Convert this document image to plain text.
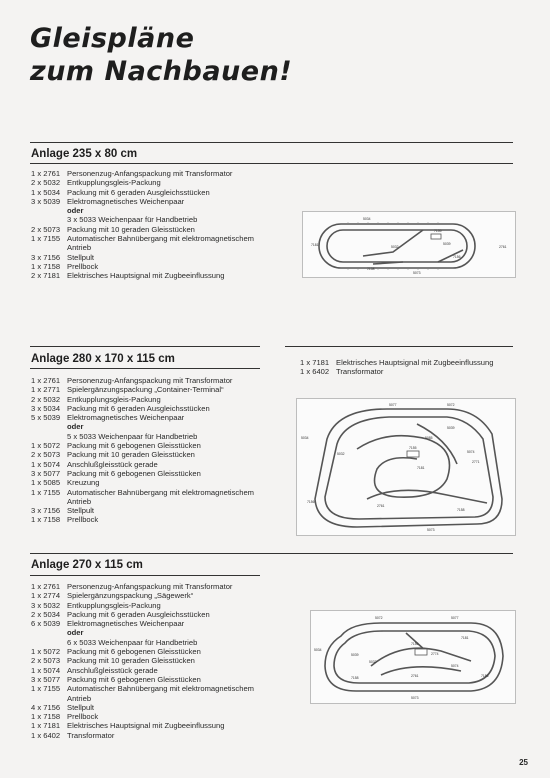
Gleispläne
zum Nachbauen!
Anlage 235 x 80 cm
1 x 2761 Personenzug-Anfangspackung mit Transformator
2 x 5032 Entkupplungsgleis-Packung
1 x 5034 Packung mit 6 geraden Ausgleichsstücken
3 x 5039 Elektromagnetisches Weichenpaar
oder
3 x 5033 Weichenpaar für Handbetrieb
2 x 5073 Packung mit 10 geraden Gleisstücken
1 x 7155 Automatischer Bahnübergang mit elektromagnetischem
Antrieb
3 x 7156 Stellpult
1 x 7158 Prellbock
2 x 7181 Elektrisches Hauptsignal mit Zugbeeinflussung
5034
7181
7155
5039
5032	2761
7158
5073
7156
Anlage 280 x 170 x 115 cm
1 x 2761 Personenzug-Anfangspackung mit Transformator
1 x 2771 Spielergänzungspackung „Container-Terminal“
2 x 5032 Entkupplungsgleis-Packung
3 x 5034 Packung mit 6 geraden Ausgleichsstücken
5 x 5039 Elektromagnetisches Weichenpaar
oder
5 x 5033 Weichenpaar für Handbetrieb
1 x 5072 Packung mit 6 gebogenen Gleisstücken
2 x 5073 Packung mit 10 geraden Gleisstücken
1 x 5074 Anschlußgleisstück gerade
3 x 5077 Packung mit 6 gebogenen Gleisstücken
1 x 5085 Kreuzung
1 x 7155 Automatischer Bahnübergang mit elektromagnetischem
Antrieb
3 x 7156 Stellpult
1 x 7158 Prellbock
1 x 7181 Elektrisches Hauptsignal mit Zugbeeinflussung
1 x 6402 Transformator
5077	5072
5039
5032
7155
5085
5074
2771
7181
2761
5073
5034
7158
7156
Anlage 270 x 115 cm
1 x 2761 Personenzug-Anfangspackung mit Transformator
1 x 2774 Spielergänzungspackung „Sägewerk“
3 x 5032 Entkupplungsgleis-Packung
2 x 5034 Packung mit 6 geraden Ausgleichsstücken
6 x 5039 Elektromagnetisches Weichenpaar
oder
6 x 5033 Weichenpaar für Handbetrieb
1 x 5072 Packung mit 6 gebogenen Gleisstücken
2 x 5073 Packung mit 10 geraden Gleisstücken
1 x 5074 Anschlußgleisstück gerade
3 x 5077 Packung mit 6 gebogenen Gleisstücken
1 x 7155 Automatischer Bahnübergang mit elektromagnetischem
Antrieb
4 x 7156 Stellpult
1 x 7158 Prellbock
1 x 7181 Elektrisches Hauptsignal mit Zugbeeinflussung
1 x 6402 Transformator
5072	5077
5039
5032
7155
2774
5074
7181
2761
5073
5034
7158	7156
25
